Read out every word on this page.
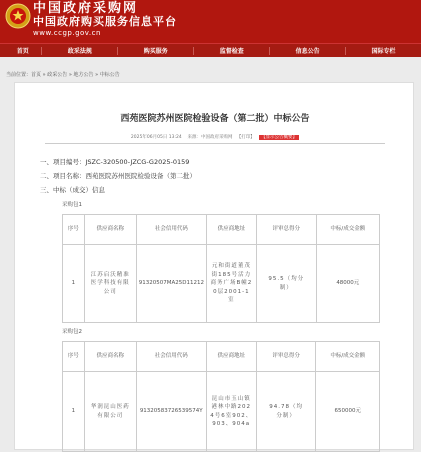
中国政府采购网
中国政府购买服务信息平台
www.ccgp.gov.cn
首页	政采法规	购买服务	监督检查	信息公告	国际专栏
当前位置：首页 » 政采公告 » 地方公告 » 中标公告
西苑医院苏州医院检验设备（第二批）中标公告
2025年06月05日 13:24 来源：中国政府采购网 【打印】 【显示公告概要】
一、项目编号：JSZC-320500-JZCG-G2025-0159
二、项目名称：西苑医院苏州医院检验设备（第二批）
三、中标（成交）信息
采购包1
序号	供应商名称	社会信用代码	供应商地址	评审总得分	中标/成交金额
1	江苏启沃精准医学科技有限公司	91320507MA25D11212	元和街道董茂街185号活力商务广场B幢20层2001-1室	95.5（均分制）	48000元
采购包2
序号	供应商名称	社会信用代码	供应商地址	评审总得分	中标/成交金额
1	华润昆山医药有限公司	91320583726539574Y	昆山市玉山镇港林中路2024号6室902、903、904a	94.78（均分制）	650000元
